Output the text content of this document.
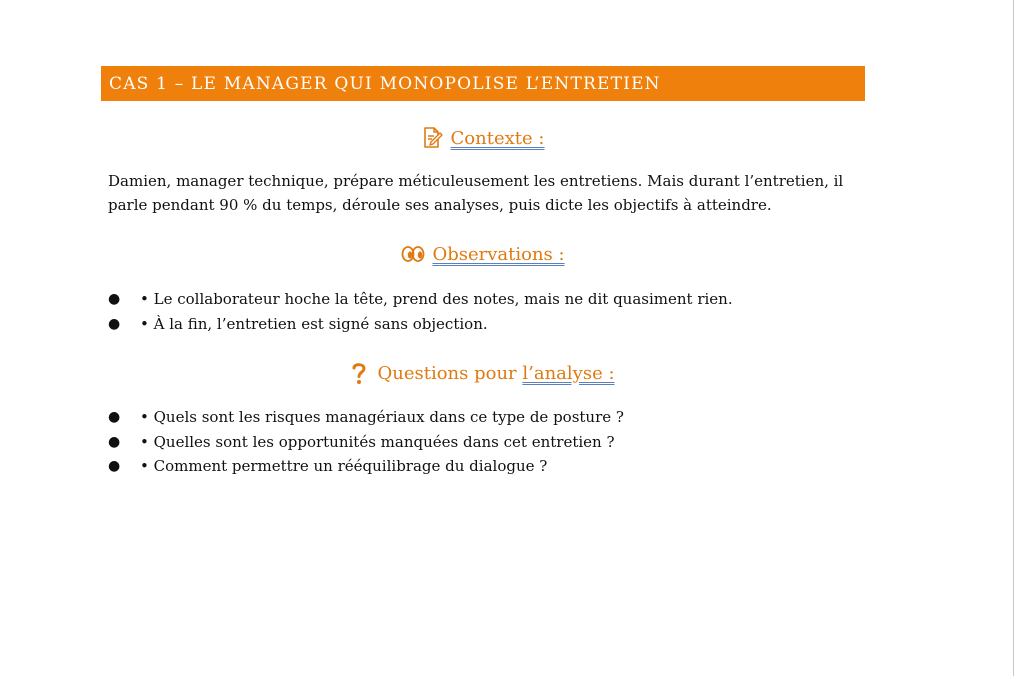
CAS 1 – LE MANAGER QUI MONOPOLISE L’ENTRETIEN
Contexte :

Damien, manager technique, prépare méticuleusement les entretiens. Mais durant l’entretien, il parle pendant 90 % du temps, déroule ses analyses, puis dicte les objectifs à atteindre.

Observations :
● • Le collaborateur hoche la tête, prend des notes, mais ne dit quasiment rien.
● • À la fin, l’entretien est signé sans objection.
Questions pour l’analyse :
● • Quels sont les risques managériaux dans ce type de posture ?
● • Quelles sont les opportunités manquées dans cet entretien ?
● • Comment permettre un rééquilibrage du dialogue ?
